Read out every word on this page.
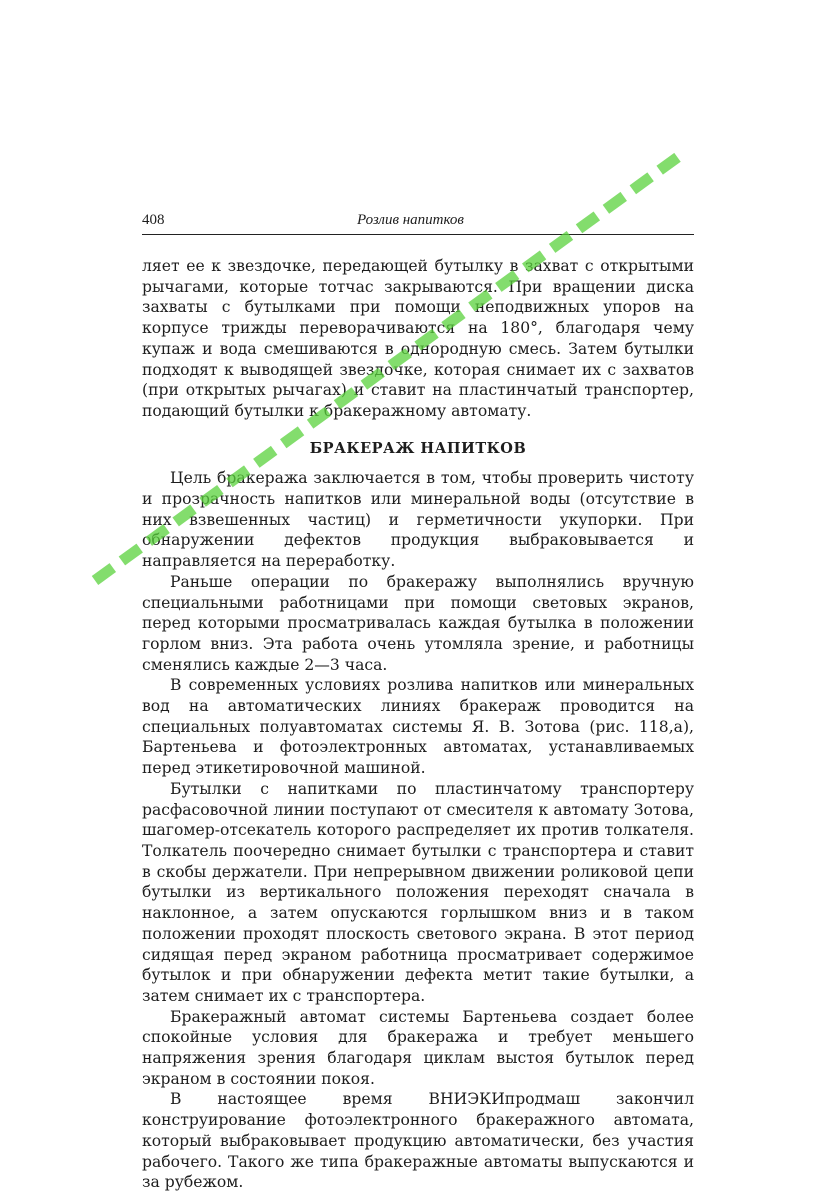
408	Розлив напитков

ляет ее к звездочке, передающей бутылку в захват с открытыми рычагами, которые тотчас закрываются. При вращении диска захваты с бутылками при помощи неподвижных упоров на корпусе трижды переворачиваются на 180°, благодаря чему купаж и вода смешиваются в однородную смесь. Затем бутылки подходят к выводящей звездочке, которая снимает их с захватов (при открытых рычагах) и ставит на пластинчатый транспортер, подающий бутылки к бракеражному автомату.

БРАКЕРАЖ НАПИТКОВ

Цель бракеража заключается в том, чтобы проверить чистоту и прозрачность напитков или минеральной воды (отсутствие в них взвешенных частиц) и герметичности укупорки. При обнаружении дефектов продукция выбраковывается и направляется на переработку.

Раньше операции по бракеражу выполнялись вручную специальными работницами при помощи световых экранов, перед которыми просматривалась каждая бутылка в положении горлом вниз. Эта работа очень утомляла зрение, и работницы сменялись каждые 2—3 часа.

В современных условиях розлива напитков или минеральных вод на автоматических линиях бракераж проводится на специальных полуавтоматах системы Я. В. Зотова (рис. 118,а), Бартеньева и фотоэлектронных автоматах, устанавливаемых перед этикетировочной машиной.

Бутылки с напитками по пластинчатому транспортеру расфасовочной линии поступают от смесителя к автомату Зотова, шагомер-отсекатель которого распределяет их против толкателя. Толкатель поочередно снимает бутылки с транспортера и ставит в скобы держатели. При непрерывном движении роликовой цепи бутылки из вертикального положения переходят сначала в наклонное, а затем опускаются горлышком вниз и в таком положении проходят плоскость светового экрана. В этот период сидящая перед экраном работница просматривает содержимое бутылок и при обнаружении дефекта метит такие бутылки, а затем снимает их с транспортера.

Бракеражный автомат системы Бартеньева создает более спокойные условия для бракеража и требует меньшего напряжения зрения благодаря циклам выстоя бутылок перед экраном в состоянии покоя.

В настоящее время ВНИЭКИпродмаш закончил конструирование фотоэлектронного бракеражного автомата, который выбраковывает продукцию автоматически, без участия рабочего. Такого же типа бракеражные автоматы выпускаются и за рубежом.
